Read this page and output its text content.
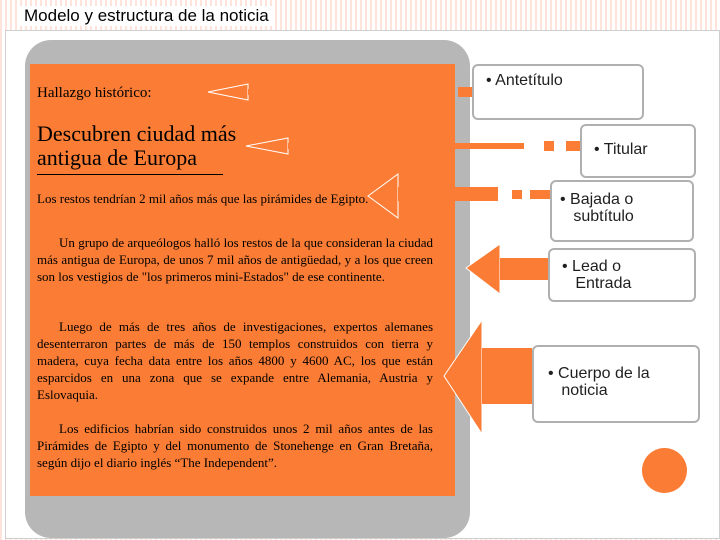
Modelo y estructura de la noticia
Hallazgo histórico:
Descubren ciudad más
antigua de Europa
Los restos tendrían 2 mil años más que las pirámides de Egipto.

Un grupo de arqueólogos halló los restos de la que consideran la ciudad más antigua de Europa, de unos 7 mil años de antigüedad, y a los que creen son los vestigios de "los primeros mini-Estados" de ese continente.

Luego de más de tres años de investigaciones, expertos alemanes desenterraron partes de más de 150 templos construidos con tierra y madera, cuya fecha data entre los años 4800 y 4600 AC, los que están esparcidos en una zona que se expande entre Alemania, Austria y Eslovaquia.

Los edificios habrían sido construidos unos 2 mil años antes de las Pirámides de Egipto y del monumento de Stonehenge en Gran Bretaña, según dijo el diario inglés “The Independent”.

• Antetítulo
• Titular
• Bajada o
subtítulo
• Lead o
Entrada
• Cuerpo de la
noticia
